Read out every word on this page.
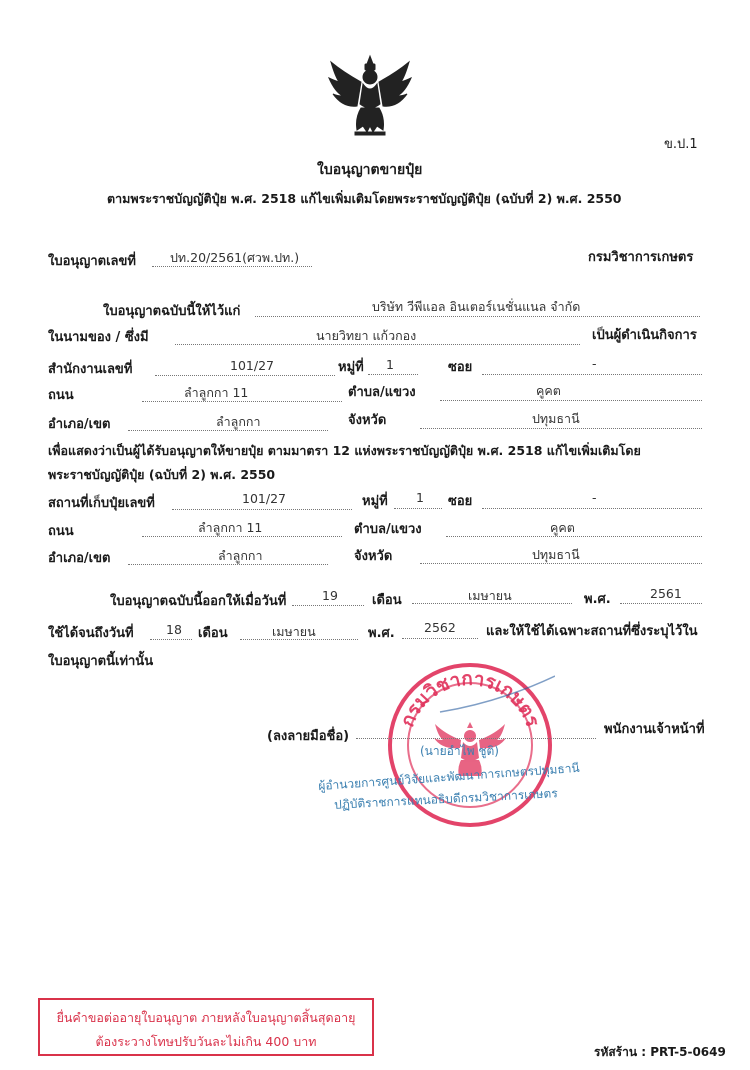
ข.ป.1
ใบอนุญาตขายปุ๋ย
ตามพระราชบัญญัติปุ๋ย พ.ศ. 2518 แก้ไขเพิ่มเติมโดยพระราชบัญญัติปุ๋ย (ฉบับที่ 2) พ.ศ. 2550
ใบอนุญาตเลขที่	ปท.20/2561(ศวพ.ปท.)	กรมวิชาการเกษตร
ใบอนุญาตฉบับนี้ให้ไว้แก่	บริษัท วีพีแอล อินเตอร์เนชั่นแนล จำกัด
ในนามของ / ซึ่งมี	นายวิทยา แก้วกอง	เป็นผู้ดำเนินกิจการ
สำนักงานเลขที่	101/27	หมู่ที่ 1	ซอย	-
ถนน	ลำลูกกา 11	ตำบล/แขวง	คูคต
อำเภอ/เขต	ลำลูกกา	จังหวัด	ปทุมธานี
เพื่อแสดงว่าเป็นผู้ได้รับอนุญาตให้ขายปุ๋ย ตามมาตรา 12 แห่งพระราชบัญญัติปุ๋ย พ.ศ. 2518 แก้ไขเพิ่มเติมโดย
พระราชบัญญัติปุ๋ย (ฉบับที่ 2) พ.ศ. 2550
สถานที่เก็บปุ๋ยเลขที่	101/27	หมู่ที่ 1 ซอย	-
ถนน	ลำลูกกา 11	ตำบล/แขวง	คูคต
อำเภอ/เขต	ลำลูกกา	จังหวัด	ปทุมธานี
ใบอนุญาตฉบับนี้ออกให้เมื่อวันที่	19	เดือน	เมษายน	พ.ศ.	2561
ใช้ได้จนถึงวันที่	18 เดือน	เมษายน	พ.ศ. 2562 และให้ใช้ได้เฉพาะสถานที่ซึ่งระบุไว้ใน
ใบอนุญาตนี้เท่านั้น
กรมวิชาการเกษตร
(ลงลายมือชื่อ)	พนักงานเจ้าหน้าที่
(นายอำไพ ชูติ)
ผู้อำนวยการศูนย์วิจัยและพัฒนาการเกษตรปทุมธานี
ปฏิบัติราชการแทนอธิบดีกรมวิชาการเกษตร
ยื่นคำขอต่ออายุใบอนุญาต ภายหลังใบอนุญาตสิ้นสุดอายุ
ต้องระวางโทษปรับวันละไม่เกิน 400 บาท
รหัสร้าน : PRT-5-0649
